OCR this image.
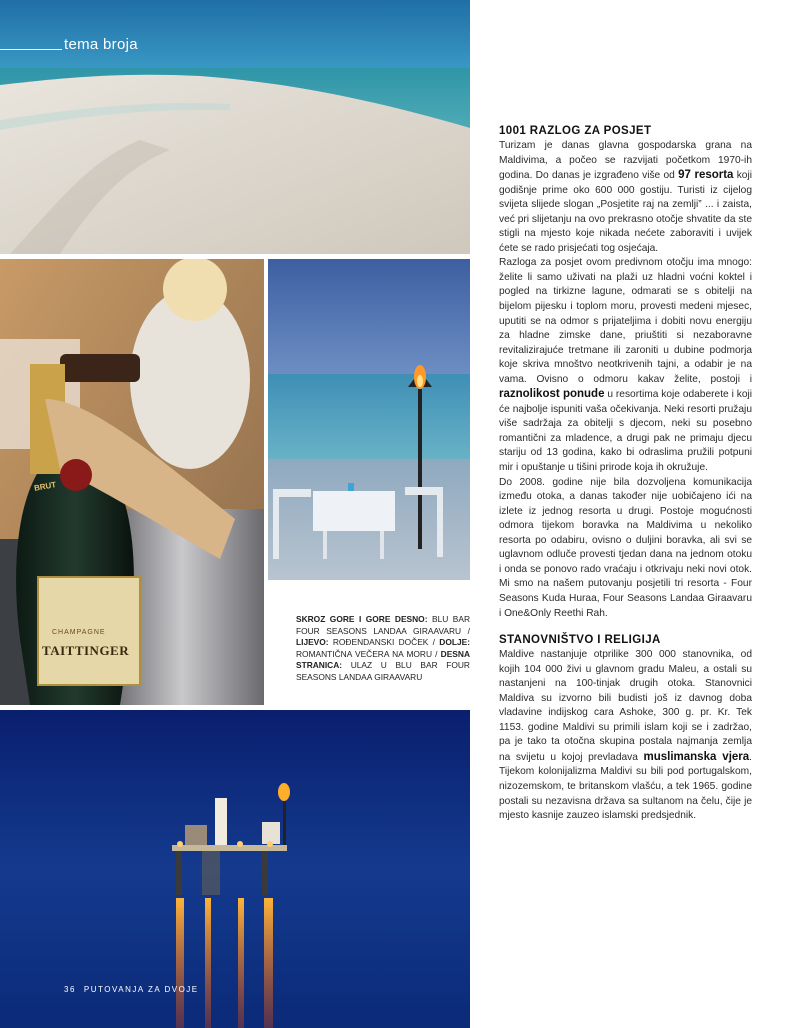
tema broja
BRUT
CHAMPAGNE
TAITTINGER
SKROZ GORE I GORE DESNO: BLU BAR FOUR SEASONS LANDAA GIRAAVARU / LIJEVO: ROĐENDANSKI DOČEK / DOLJE: ROMANTIČNA VEČERA NA MORU / DESNA STRANICA: ULAZ U BLU BAR FOUR SEASONS LANDAA GIRAAVARU
36 PUTOVANJA ZA DVOJE
1001 RAZLOG ZA POSJET

Turizam je danas glavna gospodarska grana na Maldivima, a počeo se razvijati početkom 1970-ih godina. Do danas je izgrađeno više od 97 resorta koji godišnje prime oko 600 000 gostiju. Turisti iz cijelog svijeta slijede slogan „Posjetite raj na zemlji” ... i zaista, već pri slijetanju na ovo prekrasno otočje shvatite da ste stigli na mjesto koje nikada nećete zaboraviti i uvijek ćete se rado prisjećati tog osjećaja.

Razloga za posjet ovom predivnom otočju ima mnogo: želite li samo uživati na plaži uz hladni voćni koktel i pogled na tirkizne lagune, odmarati se s obitelji na bijelom pijesku i toplom moru, provesti medeni mjesec, uputiti se na odmor s prijateljima i dobiti novu energiju za hladne zimske dane, priuštiti si nezaboravne revitalizirajuće tretmane ili zaroniti u dubine podmorja koje skriva mnoštvo neotkrivenih tajni, a odabir je na vama. Ovisno o odmoru kakav želite, postoji i raznolikost ponude u resortima koje odaberete i koji će najbolje ispuniti vaša očekivanja. Neki resorti pružaju više sadržaja za obitelji s djecom, neki su posebno romantični za mladence, a drugi pak ne primaju djecu stariju od 13 godina, kako bi odraslima pružili potpuni mir i opuštanje u tišini prirode koja ih okružuje.

Do 2008. godine nije bila dozvoljena komunikacija između otoka, a danas također nije uobičajeno ići na izlete iz jednog resorta u drugi. Postoje mogućnosti odmora tijekom boravka na Maldivima u nekoliko resorta po odabiru, ovisno o duljini boravka, ali svi se uglavnom odluče provesti tjedan dana na jednom otoku i onda se ponovo rado vraćaju i otkrivaju neki novi otok. Mi smo na našem putovanju posjetili tri resorta - Four Seasons Kuda Huraa, Four Seasons Landaa Giraavaru i One&Only Reethi Rah.

STANOVNIŠTVO I RELIGIJA

Maldive nastanjuje otprilike 300 000 stanovnika, od kojih 104 000 živi u glavnom gradu Maleu, a ostali su nastanjeni na 100-tinjak drugih otoka. Stanovnici Maldiva su izvorno bili budisti još iz davnog doba vladavine indijskog cara Ashoke, 300 g. pr. Kr. Tek 1153. godine Maldivi su primili islam koji se i zadržao, pa je tako ta otočna skupina postala najmanja zemlja na svijetu u kojoj prevladava muslimanska vjera. Tijekom kolonijalizma Maldivi su bili pod portugalskom, nizozemskom, te britanskom vlašću, a tek 1965. godine postali su nezavisna država sa sultanom na čelu, čije je mjesto kasnije zauzeo islamski predsjednik.
